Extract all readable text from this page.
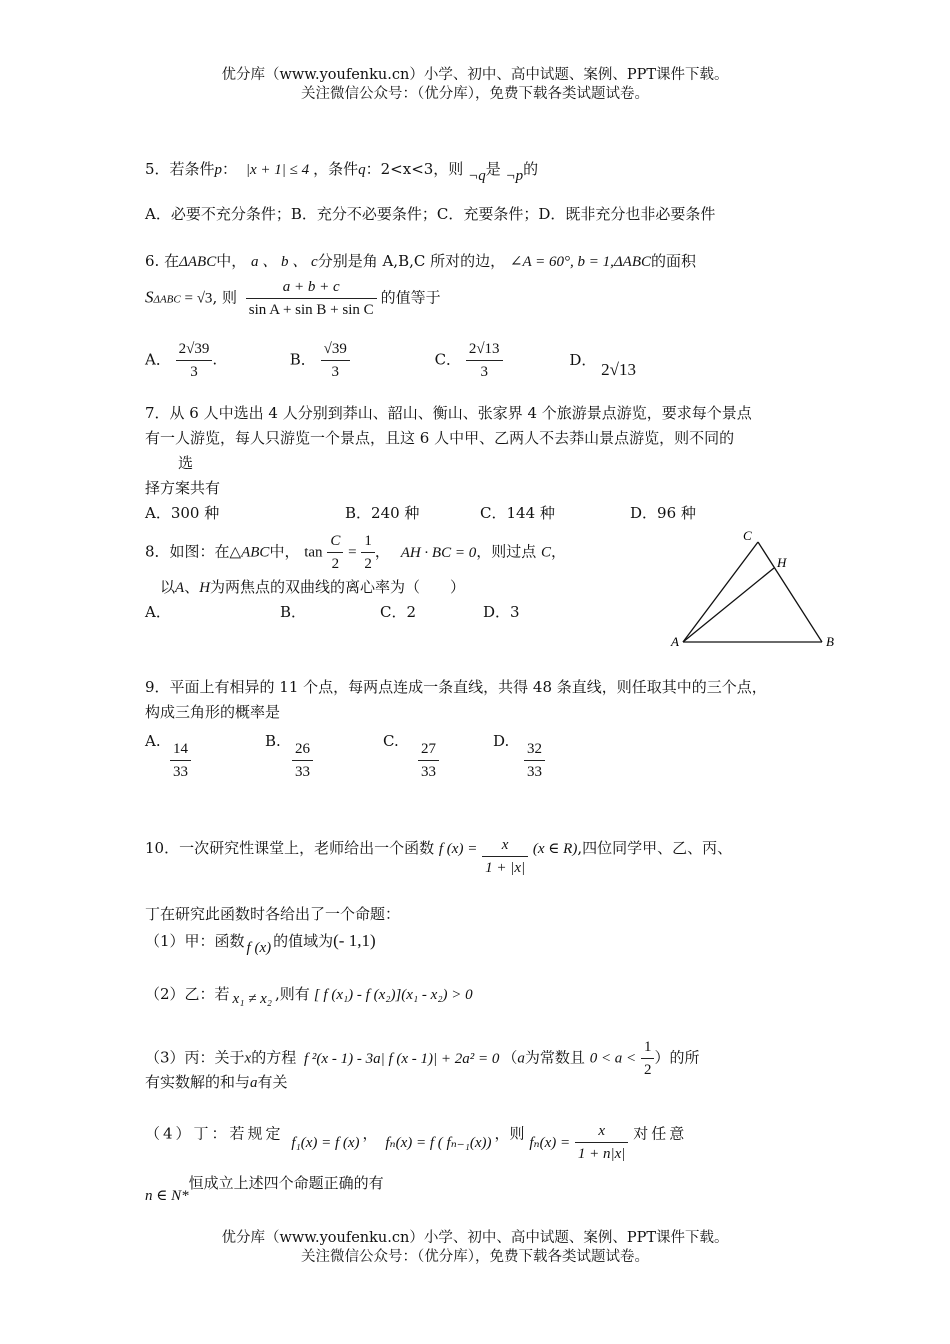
优分库（www.youfenku.cn）小学、初中、高中试题、案例、PPT课件下载。
关注微信公众号：（优分库），免费下载各类试题试卷。
5．若条件p： |x + 1| ≤ 4 ，条件q：2<x<3，则 ¬q是 ¬p的
A．必要不充分条件；B．充分不必要条件；C．充要条件；D．既非充分也非必要条件
6. 在ΔABC中， a 、 b 、 c分别是角 A,B,C 所对的边， ∠A = 60°, b = 1,ΔABC的面积
SΔABC = √3, 则 $\frac{a + b + c}{\text{sin A + sin B + sin C}}$ 的值等于
A． $\frac{2√39}{3}$ .	B． $\frac{√39}{3}$	C． $\frac{2√13}{3}$	D． 2√13
7．从 6 人中选出 4 人分别到莽山、韶山、衡山、张家界 4 个旅游景点游览，要求每个景点
有一人游览，每人只游览一个景点，且这 6 人中甲、乙两人不去莽山景点游览，则不同的
选
择方案共有
A．300 种	B．240 种	C．144 种	D．96 种
8．如图：在△ABC中， $\tan \frac{C}{2} = \frac{1}{2}$ ， AH · BC = 0，则过点 C，
以A、H为两焦点的双曲线的离心率为（　　）
A．	B．	C．2	D．3
C
H
A	B
9．平面上有相异的 11 个点，每两点连成一条直线，共得 48 条直线，则任取其中的三个点，
构成三角形的概率是
A. $\frac{14}{33}$	B. $\frac{26}{33}$	C. $\frac{27}{33}$	D. $\frac{32}{33}$
10．一次研究性课堂上，老师给出一个函数 f $(x) = \frac{x}{1 + |x|} (x$ ∈ R),四位同学甲、乙、丙、
丁在研究此函数时各给出了一个命题：
（1）甲：函数 f (x) 的值域为(- 1,1)
（2）乙：若 x₁ ≠ x₂ ,则有 [ f (x₁) - f (x₂)](x₁ - x₂) > 0
（3）丙：关于x的方程 f ²(x - 1) - 3a| f (x - 1)| + 2a² = 0 （a为常数且 $0 < a < \frac{1}{2}$ ）的所
有实数解的和与a有关
（4）丁：若规定 f₁(x) = f (x) ， fₙ(x) = f ( fₙ₋₁(x)) ，则 $f_n(x) = \frac{x}{1 + n|x|}$ 对任意
n ∈ N*恒成立上述四个命题正确的有
优分库（www.youfenku.cn）小学、初中、高中试题、案例、PPT课件下载。
关注微信公众号：（优分库），免费下载各类试题试卷。
